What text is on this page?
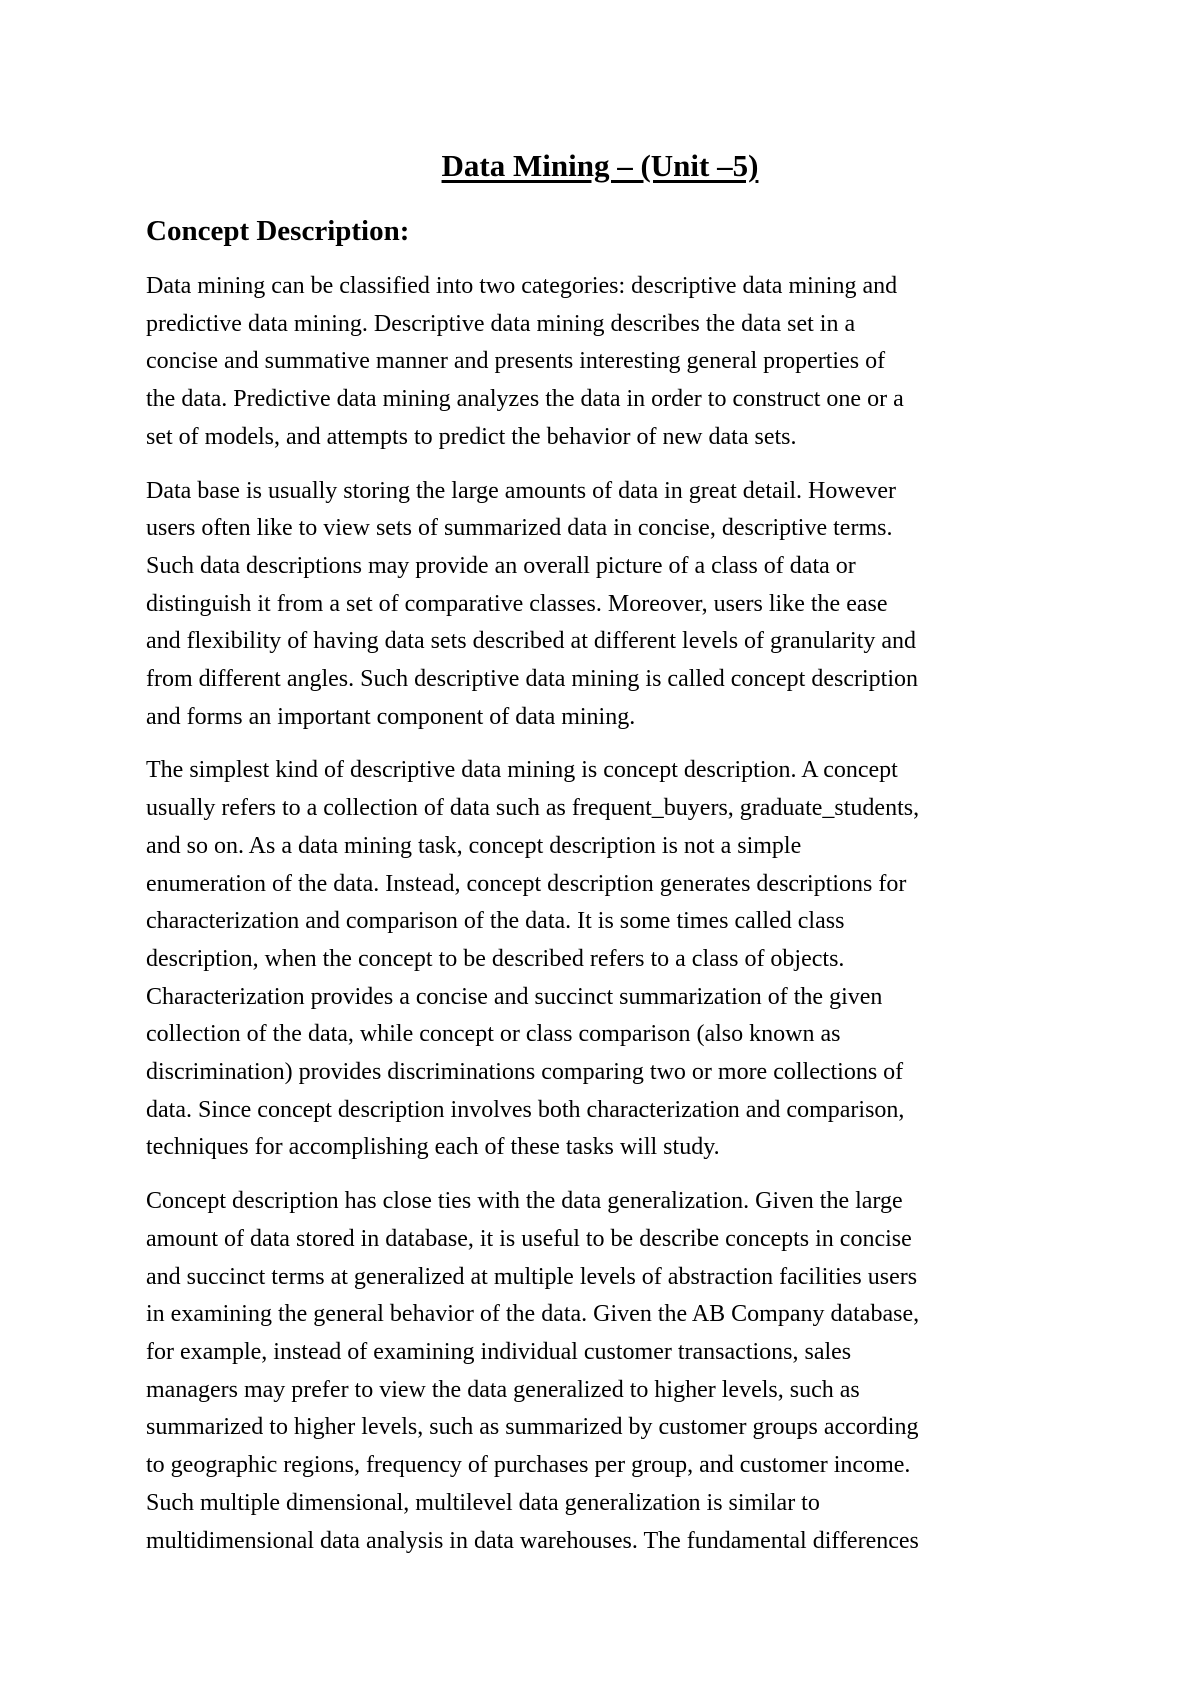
Data Mining – (Unit –5)
Concept Description:

Data mining can be classified into two categories: descriptive data mining and
predictive data mining. Descriptive data mining describes the data set in a
concise and summative manner and presents interesting general properties of
the data. Predictive data mining analyzes the data in order to construct one or a
set of models, and attempts to predict the behavior of new data sets.

Data base is usually storing the large amounts of data in great detail. However
users often like to view sets of summarized data in concise, descriptive terms.
Such data descriptions may provide an overall picture of a class of data or
distinguish it from a set of comparative classes. Moreover, users like the ease
and flexibility of having data sets described at different levels of granularity and
from different angles. Such descriptive data mining is called concept description
and forms an important component of data mining.

The simplest kind of descriptive data mining is concept description. A concept
usually refers to a collection of data such as frequent_buyers, graduate_students,
and so on. As a data mining task, concept description is not a simple
enumeration of the data. Instead, concept description generates descriptions for
characterization and comparison of the data. It is some times called class
description, when the concept to be described refers to a class of objects.
Characterization provides a concise and succinct summarization of the given
collection of the data, while concept or class comparison (also known as
discrimination) provides discriminations comparing two or more collections of
data. Since concept description involves both characterization and comparison,
techniques for accomplishing each of these tasks will study.

Concept description has close ties with the data generalization. Given the large
amount of data stored in database, it is useful to be describe concepts in concise
and succinct terms at generalized at multiple levels of abstraction facilities users
in examining the general behavior of the data. Given the AB Company database,
for example, instead of examining individual customer transactions, sales
managers may prefer to view the data generalized to higher levels, such as
summarized to higher levels, such as summarized by customer groups according
to geographic regions, frequency of purchases per group, and customer income.
Such multiple dimensional, multilevel data generalization is similar to
multidimensional data analysis in data warehouses. The fundamental differences
